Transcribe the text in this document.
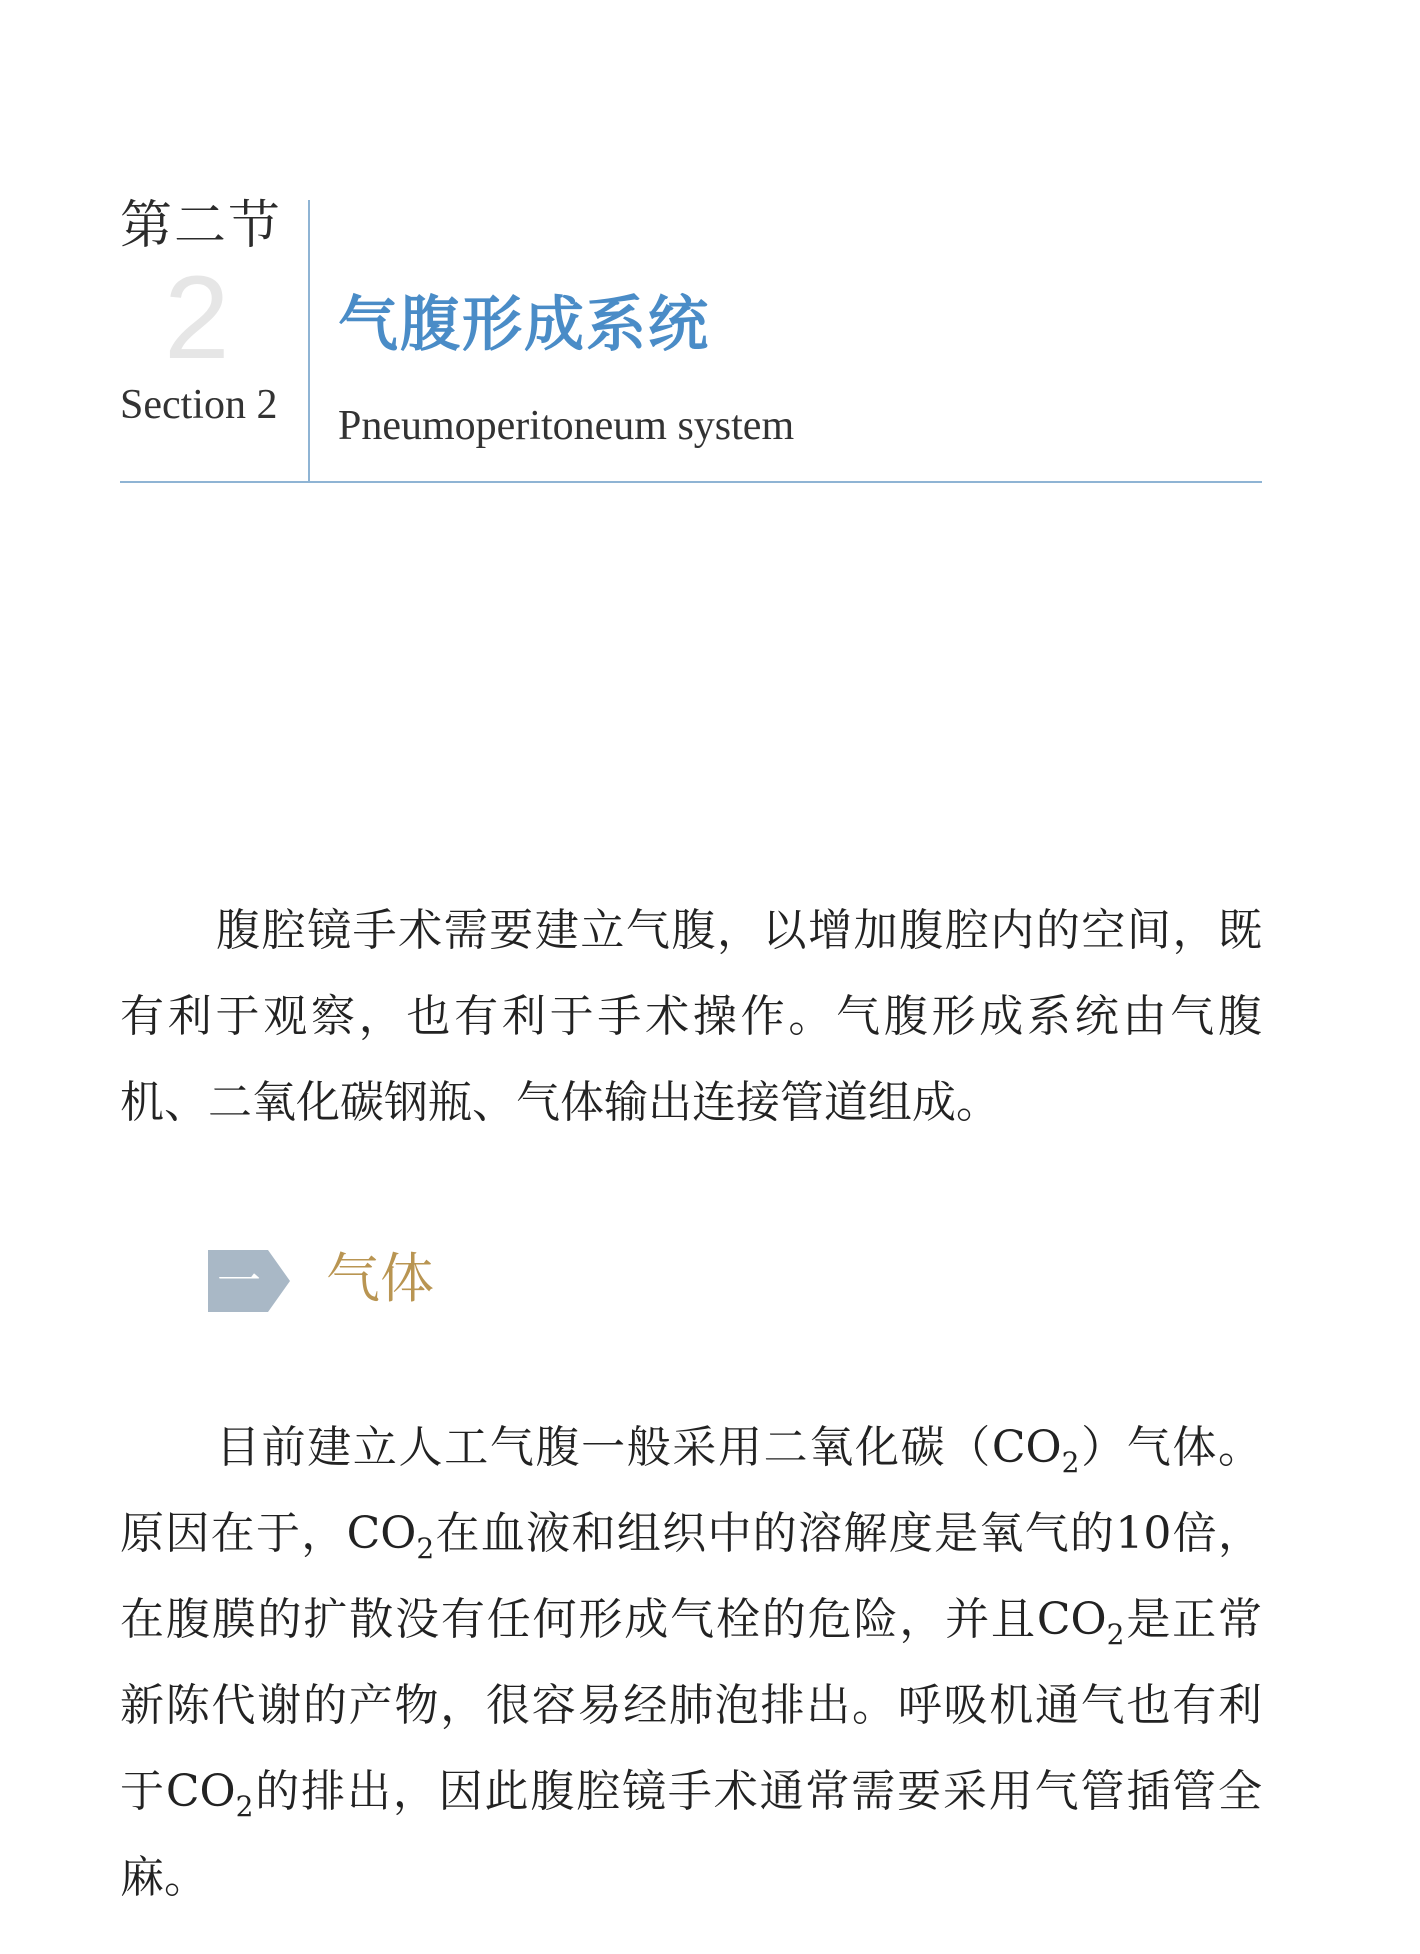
第二节
2
Section 2
气腹形成系统
Pneumoperitoneum system

腹腔镜手术需要建立气腹，以增加腹腔内的空间，既有利于观察，也有利于手术操作。气腹形成系统由气腹机、二氧化碳钢瓶、气体输出连接管道组成。

一 气体

目前建立人工气腹一般采用二氧化碳$(CO_2)$气体。原因在于，$CO_2$在血液和组织中的溶解度是氧气的10倍，在腹膜的扩散没有任何形成气栓的危险，并且$CO_2$是正常新陈代谢的产物，很容易经肺泡排出。呼吸机通气也有利于$CO_2$的排出，因此腹腔镜手术通常需要采用气管插管全麻。
